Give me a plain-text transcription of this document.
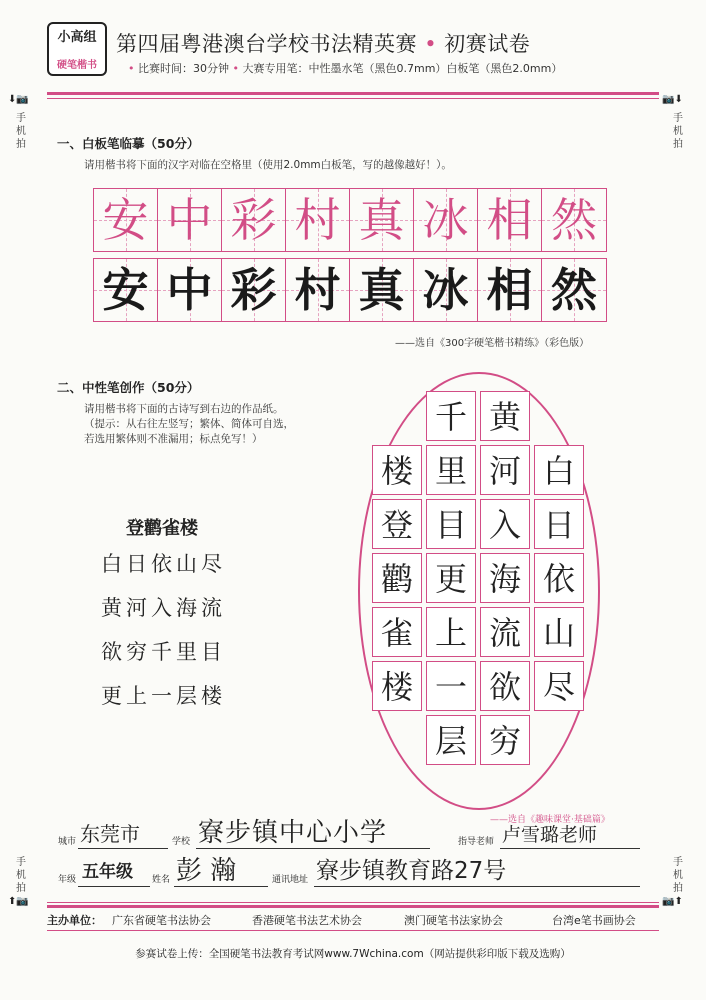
小高组
硬笔楷书
第四届粤港澳台学校书法精英赛 • 初赛试卷
• 比赛时间：30分钟 • 大赛专用笔：中性墨水笔（黑色0.7mm）白板笔（黑色2.0mm）
⬇📷	📷⬇
手
机
拍
手
机
拍
手
机
拍
手
机
拍
⬆📷	📷⬆
一、白板笔临摹（50分）
请用楷书将下面的汉字对临在空格里（使用2.0mm白板笔，写的越像越好！）。
安 中 彩 村 真 冰 相 然
安 中 彩 村 真 冰 相 然
——选自《300字硬笔楷书精练》（彩色版）
二、中性笔创作（50分）
请用楷书将下面的古诗写到右边的作品纸。
（提示：从右往左竖写；繁体、简体可自选，
若选用繁体则不准漏用；标点免写！）
登鹳雀楼
白日依山尽
黄河入海流
欲穷千里目
更上一层楼
白
日
依
山
尽
黄
河
入
海
流
欲
穷
千
里
目
更
上
一
层
楼
登
鹳
雀
楼
——选自《趣味课堂·基础篇》
城市 东莞市	学校 寮步镇中心小学	指导老师 卢雪璐老师
年级 五年级 姓名 彭 瀚	通讯地址 寮步镇教育路27号
主办单位： 广东省硬笔书法协会	香港硬笔书法艺术协会	澳门硬笔书法家协会	台湾e笔书画协会
参赛试卷上传：全国硬笔书法教育考试网www.7Wchina.com（网站提供彩印版下载及选购）
